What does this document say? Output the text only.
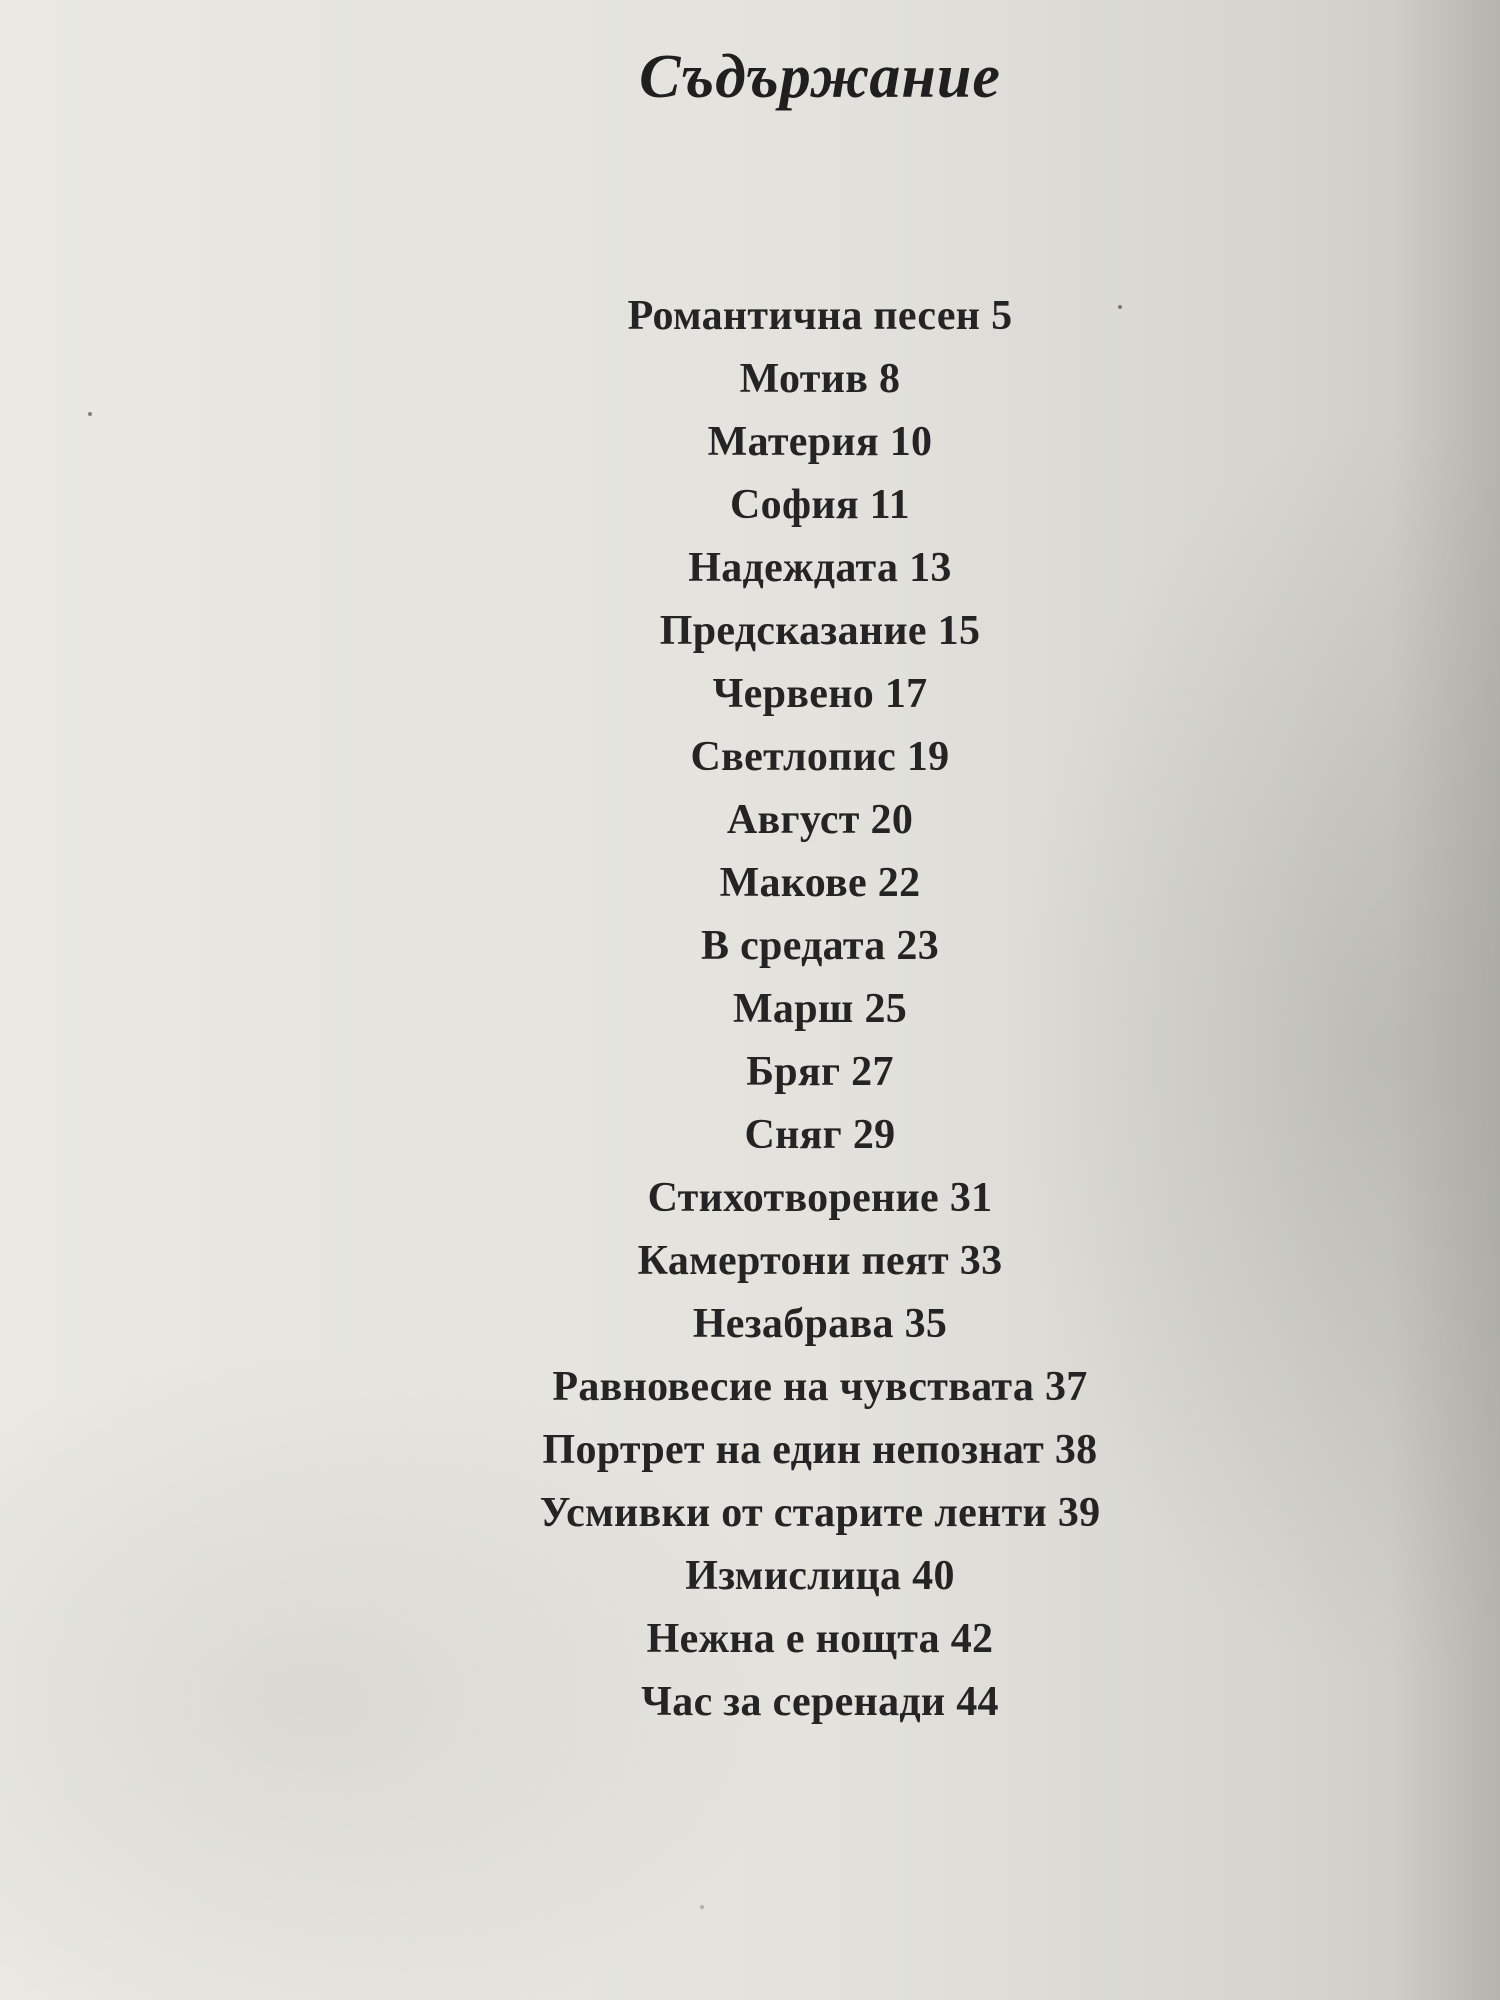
Съдържание
Романтична песен 5
Мотив 8
Материя 10
София 11
Надеждата 13
Предсказание 15
Червено 17
Светлопис 19
Август 20
Макове 22
В средата 23
Марш 25
Бряг 27
Сняг 29
Стихотворение 31
Камертони пеят 33
Незабрава 35
Равновесие на чувствата 37
Портрет на един непознат 38
Усмивки от старите ленти 39
Измислица 40
Нежна е нощта 42
Час за серенади 44
